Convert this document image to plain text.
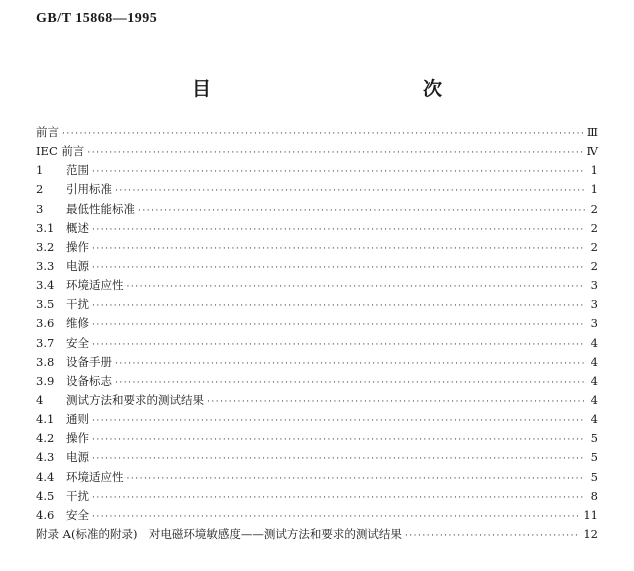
GB/T 15868—1995
目　　次
前言 ·····	Ⅲ
IEC 前言 ·····	Ⅳ
1	范围 ·····	1
2	引用标准 ·····	1
3	最低性能标准 ·····	2
3.1	概述 ·····	2
3.2	操作 ·····	2
3.3	电源 ·····	2
3.4	环境适应性 ·····	3
3.5	干扰 ·····	3
3.6	维修 ·····	3
3.7	安全 ·····	4
3.8	设备手册 ·····	4
3.9	设备标志 ·····	4
4	测试方法和要求的测试结果 ·····	4
4.1	通则 ·····	4
4.2	操作 ·····	5
4.3	电源 ·····	5
4.4	环境适应性 ·····	5
4.5	干扰 ·····	8
4.6	安全 ·····	11
附录 A(标准的附录)　对电磁环境敏感度——测试方法和要求的测试结果 ·····	12
